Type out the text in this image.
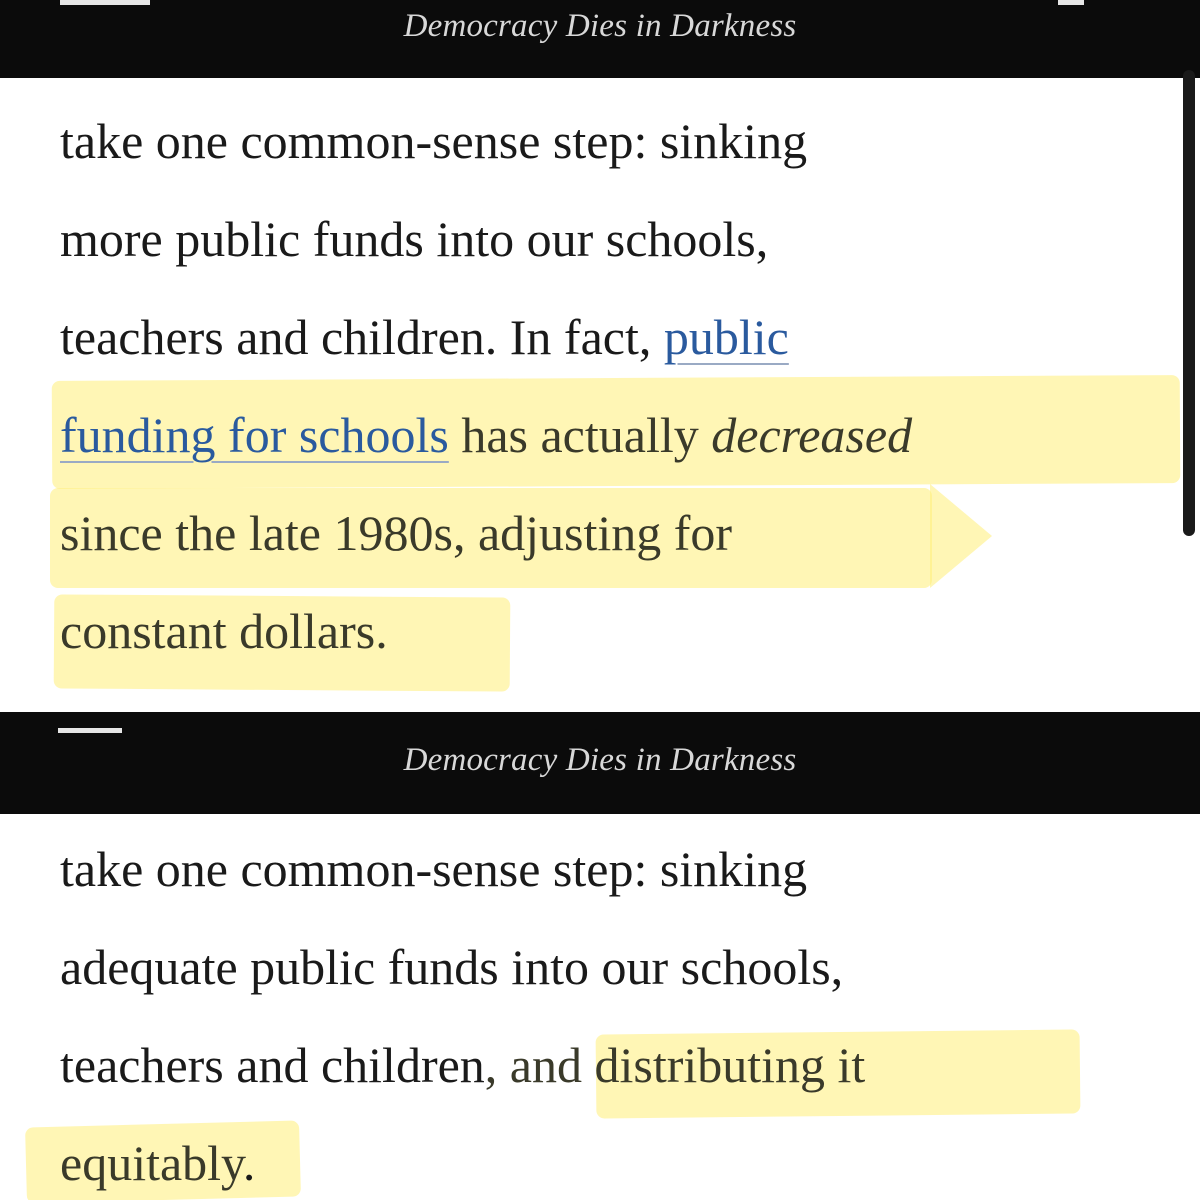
Democracy Dies in Darkness

take one common-sense step: sinking
more public funds into our schools,
teachers and children. In fact, public
funding for schools has actually decreased
since the late 1980s, adjusting for
constant dollars.

Democracy Dies in Darkness

take one common-sense step: sinking
adequate public funds into our schools,
teachers and children, and distributing it
equitably.
